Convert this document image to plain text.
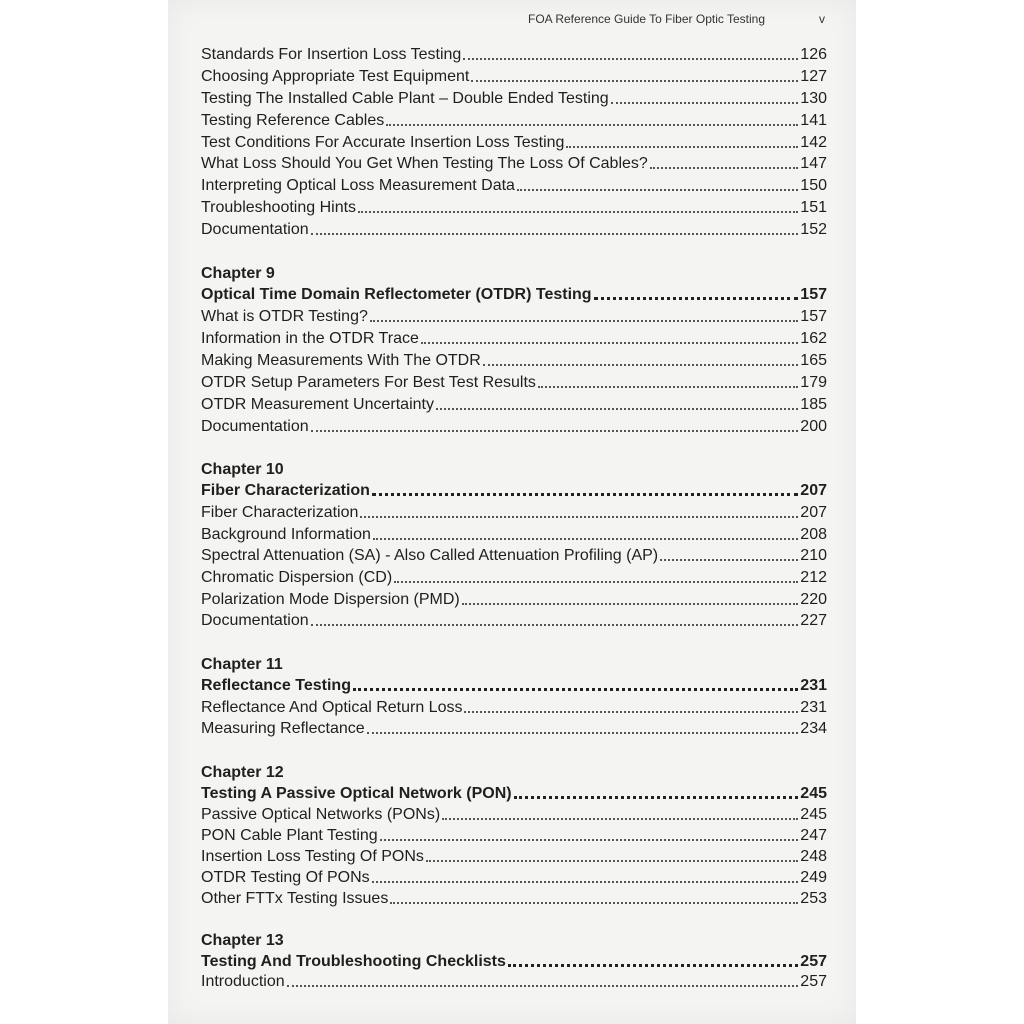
FOA Reference Guide To Fiber Optic Testing	v
Standards For Insertion Loss Testing	126
Choosing Appropriate Test Equipment	127
Testing The Installed Cable Plant – Double Ended Testing	130
Testing Reference Cables	141
Test Conditions For Accurate Insertion Loss Testing	142
What Loss Should You Get When Testing The Loss Of Cables?	147
Interpreting Optical Loss Measurement Data	150
Troubleshooting Hints	151
Documentation	152
Chapter 9
Optical Time Domain Reflectometer (OTDR) Testing	157
What is OTDR Testing?	157
Information in the OTDR Trace	162
Making Measurements With The OTDR	165
OTDR Setup Parameters For Best Test Results	179
OTDR Measurement Uncertainty	185
Documentation	200
Chapter 10
Fiber Characterization	207
Fiber Characterization	207
Background Information	208
Spectral Attenuation (SA) - Also Called Attenuation Profiling (AP)	210
Chromatic Dispersion (CD)	212
Polarization Mode Dispersion (PMD)	220
Documentation	227
Chapter 11
Reflectance Testing	231
Reflectance And Optical Return Loss	231
Measuring Reflectance	234
Chapter 12
Testing A Passive Optical Network (PON)	245
Passive Optical Networks (PONs)	245
PON Cable Plant Testing	247
Insertion Loss Testing Of PONs	248
OTDR Testing Of PONs	249
Other FTTx Testing Issues	253
Chapter 13
Testing And Troubleshooting Checklists	257
Introduction	257
